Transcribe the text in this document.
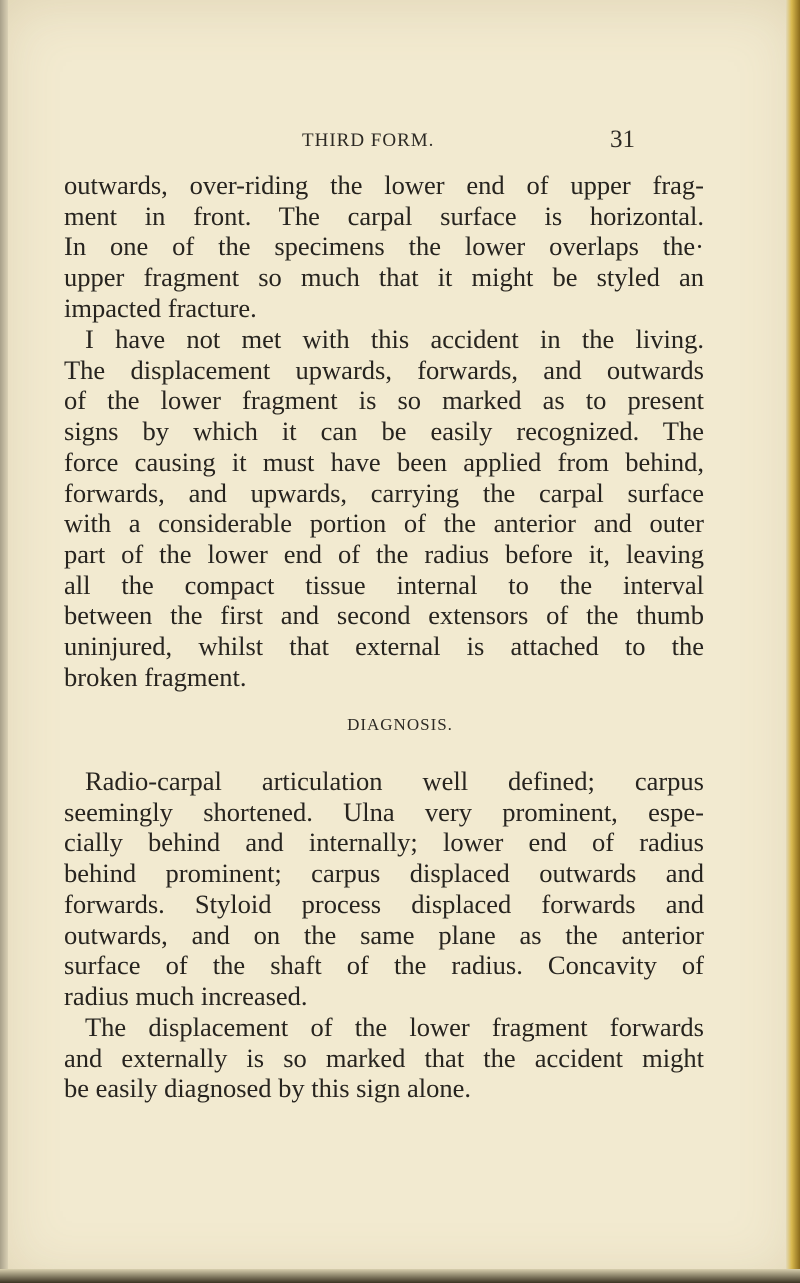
THIRD FORM.	31

outwards, over-riding the lower end of upper frag-
ment in front. The carpal surface is horizontal.
In one of the specimens the lower overlaps the·
upper fragment so much that it might be styled an
impacted fracture.

I have not met with this accident in the living.
The displacement upwards, forwards, and outwards
of the lower fragment is so marked as to present
signs by which it can be easily recognized. The
force causing it must have been applied from behind,
forwards, and upwards, carrying the carpal surface
with a considerable portion of the anterior and outer
part of the lower end of the radius before it, leaving
all the compact tissue internal to the interval
between the first and second extensors of the thumb
uninjured, whilst that external is attached to the
broken fragment.

DIAGNOSIS.

Radio-carpal articulation well defined; carpus
seemingly shortened. Ulna very prominent, espe-
cially behind and internally; lower end of radius
behind prominent; carpus displaced outwards and
forwards. Styloid process displaced forwards and
outwards, and on the same plane as the anterior
surface of the shaft of the radius. Concavity of
radius much increased.

The displacement of the lower fragment forwards
and externally is so marked that the accident might
be easily diagnosed by this sign alone.
